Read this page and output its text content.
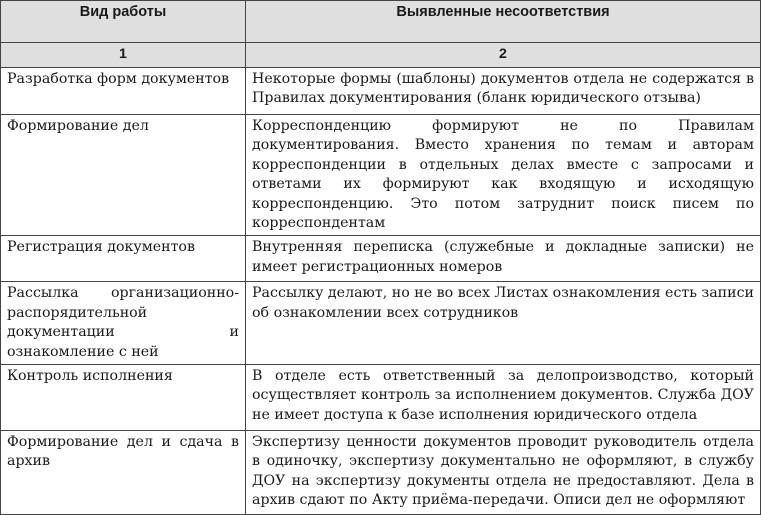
Вид работы	Выявленные несоответствия
1	2
Разработка форм документов	Некоторые формы (шаблоны) документов отдела не содержатся в Правилах документирования (бланк юридического отзыва)
Формирование дел	Корреспонденцию формируют не по Правилам документирования. Вместо хранения по темам и авторам корреспонденции в отдельных делах вместе с запросами и ответами их формируют как входящую и исходящую корреспонденцию. Это потом затруднит поиск писем по корреспондентам
Регистрация документов	Внутренняя переписка (служебные и докладные записки) не имеет регистрационных номеров
Рассылка организационно-распорядительной документации и ознакомление с ней	Рассылку делают, но не во всех Листах ознакомления есть записи об ознакомлении всех сотрудников
Контроль исполнения	В отделе есть ответственный за делопроизводство, который осуществляет контроль за исполнением документов. Служба ДОУ не имеет доступа к базе исполнения юридического отдела
Формирование дел и сдача в архив	Экспертизу ценности документов проводит руководитель отдела в одиночку, экспертизу документально не оформляют, в службу ДОУ на экспертизу документы отдела не предоставляют. Дела в архив сдают по Акту приёма-передачи. Описи дел не оформляют
